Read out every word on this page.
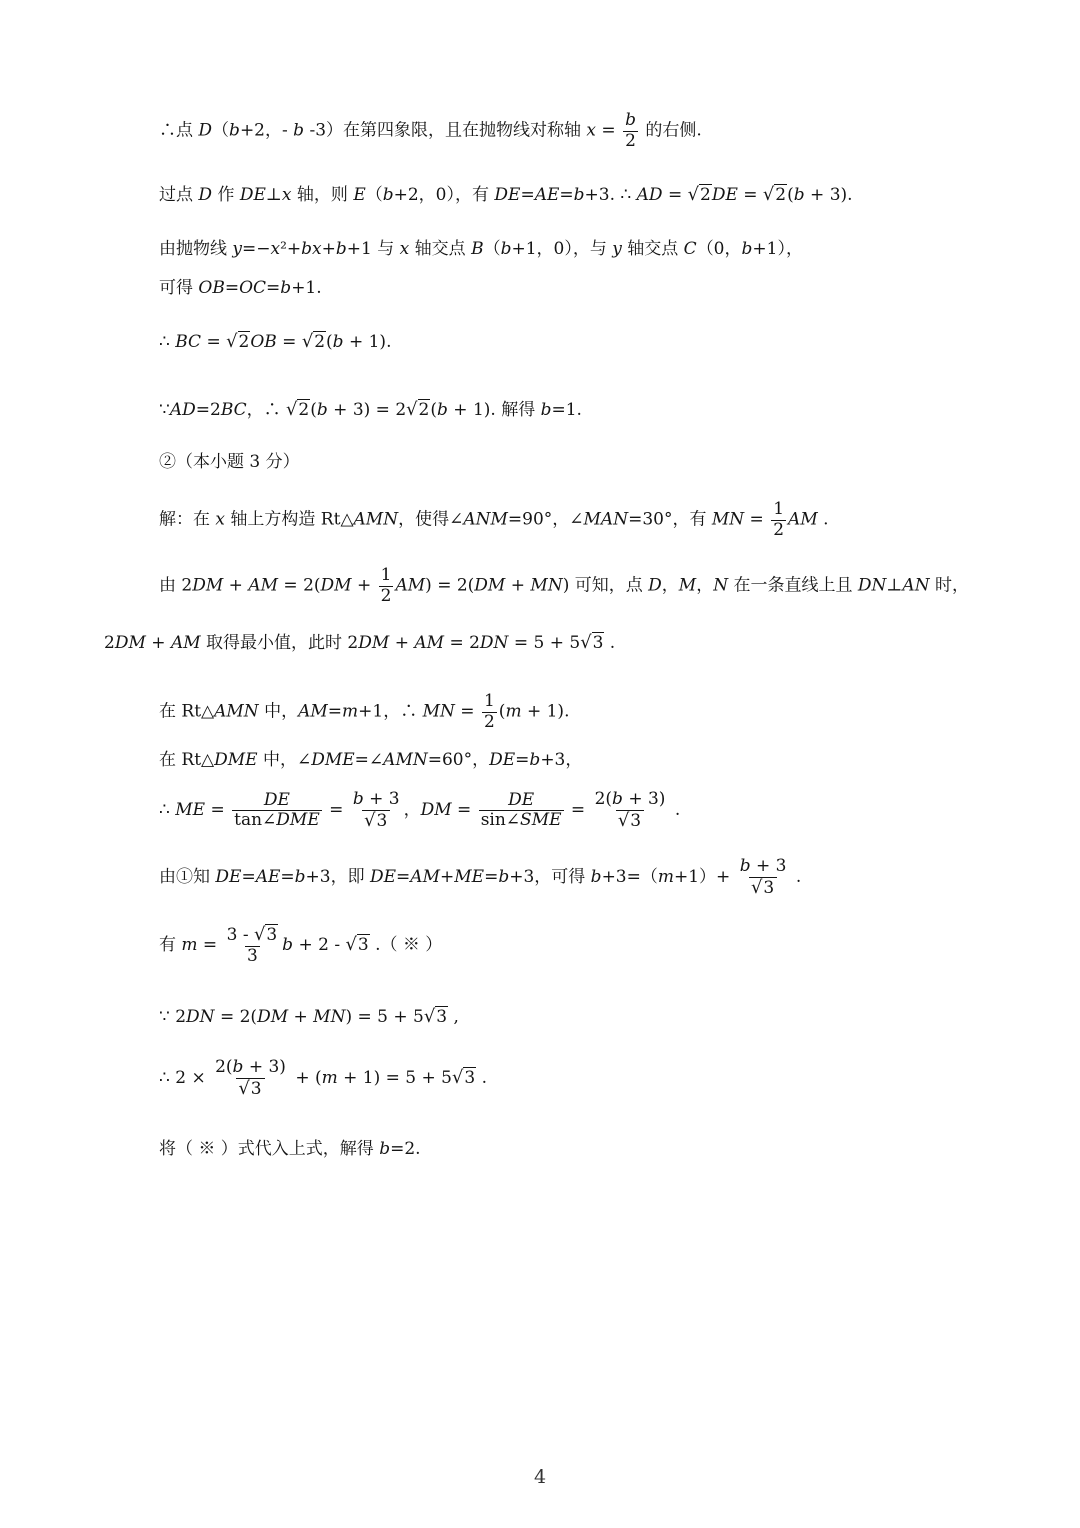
∴点 D（b+2，- b -3）在第四象限，且在抛物线对称轴 $x = \frac{b}{2}$ 的右侧.
过点 D 作 DE⊥x 轴，则 E（b+2，0），有 DE=AE=b+3. ∴ AD = √2DE = √2(b + 3).
由抛物线 y=−x²+bx+b+1 与 x 轴交点 B（b+1，0），与 y 轴交点 C（0，b+1），
可得 OB=OC=b+1.
∴ BC = √2OB = √2(b + 1).
∵AD=2BC，∴ √2(b + 3) = 2√2(b + 1). 解得 b=1.
②（本小题 3 分）
解：在 x 轴上方构造 Rt△AMN，使得∠ANM=90°，∠MAN=30°，有 MN = $\frac{1}{2}$ AM .
由 2DM + AM = $2(DM + \frac{1}{2} AM) = 2(DM + MN)$ 可知，点 D，M，N 在一条直线上且 DN⊥AN 时，
2DM + AM 取得最小值，此时 2DM + AM = 2DN = 5 + 5√3 .
在 Rt△AMN 中，AM=m+1，∴ MN = $\frac{1}{2} (m + 1)$.
在 Rt△DME 中，∠DME=∠AMN=60°，DE=b+3，
∴ ME = $\frac{DE}{\text{tan∠DME}} = \frac{b + 3}{√3}$ ，DM = $\frac{DE}{\text{sin∠SME}} = \frac{2(b + 3)}{√3}$ .
由①知 DE=AE=b+3，即 DE=AM+ME=b+3，可得 $b+3=(m+1)+ \frac{b + 3}{√3}$ .
有 $m = \frac{3 - √3}{3}$ b + 2 - √3 .（ ※ ）
∵ 2DN = 2(DM + MN) = 5 + 5√3 ,
∴ $2 \times \frac{2(b + 3)}{√3} + (m + 1) = 5 + 5√3$ .
将（ ※ ）式代入上式，解得 b=2.
4
